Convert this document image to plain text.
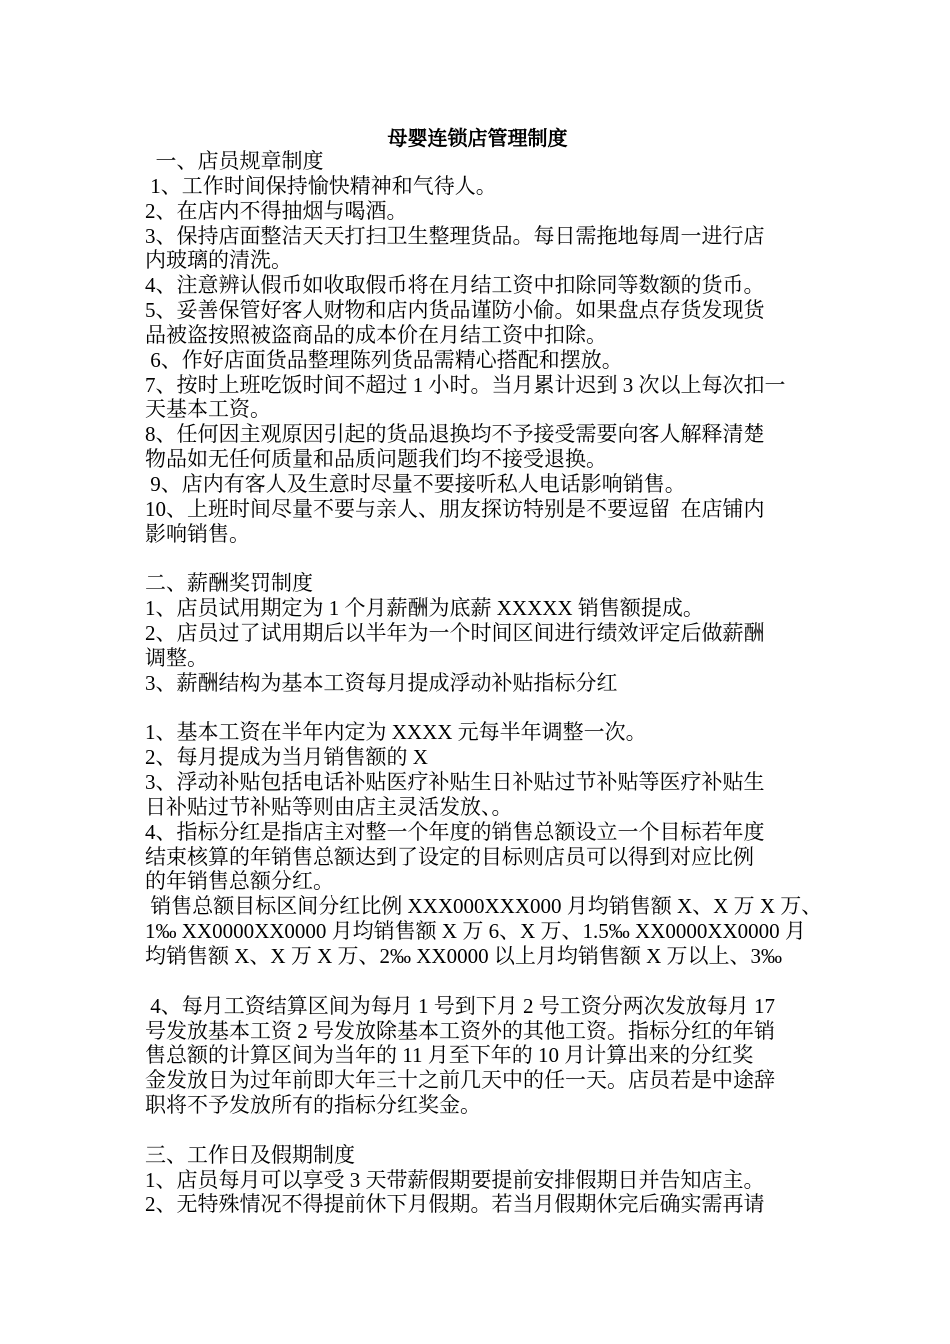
母婴连锁店管理制度
一、店员规章制度
1、工作时间保持愉快精神和气待人。
2、在店内不得抽烟与喝酒。
3、保持店面整洁天天打扫卫生整理货品。每日需拖地每周一进行店
内玻璃的清洗。
4、注意辨认假币如收取假币将在月结工资中扣除同等数额的货币。
5、妥善保管好客人财物和店内货品谨防小偷。如果盘点存货发现货
品被盗按照被盗商品的成本价在月结工资中扣除。
6、作好店面货品整理陈列货品需精心搭配和摆放。
7、按时上班吃饭时间不超过 1 小时。当月累计迟到 3 次以上每次扣一
天基本工资。
8、任何因主观原因引起的货品退换均不予接受需要向客人解释清楚
物品如无任何质量和品质问题我们均不接受退换。
9、店内有客人及生意时尽量不要接听私人电话影响销售。
10、上班时间尽量不要与亲人、朋友探访特别是不要逗留  在店铺内
影响销售。
二、薪酬奖罚制度
1、店员试用期定为 1 个月薪酬为底薪 XXXXX 销售额提成。
2、店员过了试用期后以半年为一个时间区间进行绩效评定后做薪酬
调整。
3、薪酬结构为基本工资每月提成浮动补贴指标分红
1、基本工资在半年内定为 XXXX 元每半年调整一次。
2、每月提成为当月销售额的 X
3、浮动补贴包括电话补贴医疗补贴生日补贴过节补贴等医疗补贴生
日补贴过节补贴等则由店主灵活发放、。
4、指标分红是指店主对整一个年度的销售总额设立一个目标若年度
结束核算的年销售总额达到了设定的目标则店员可以得到对应比例
的年销售总额分红。
销售总额目标区间分红比例 XXX000XXX000 月均销售额 X、X 万 X 万、
1‰ XX0000XX0000 月均销售额 X 万 6、X 万、1.5‰ XX0000XX0000 月
均销售额 X、X 万 X 万、2‰ XX0000 以上月均销售额 X 万以上、3‰
4、每月工资结算区间为每月 1 号到下月 2 号工资分两次发放每月 17
号发放基本工资 2 号发放除基本工资外的其他工资。指标分红的年销
售总额的计算区间为当年的 11 月至下年的 10 月计算出来的分红奖
金发放日为过年前即大年三十之前几天中的任一天。店员若是中途辞
职将不予发放所有的指标分红奖金。
三、工作日及假期制度
1、店员每月可以享受 3 天带薪假期要提前安排假期日并告知店主。
2、无特殊情况不得提前休下月假期。若当月假期休完后确实需再请
